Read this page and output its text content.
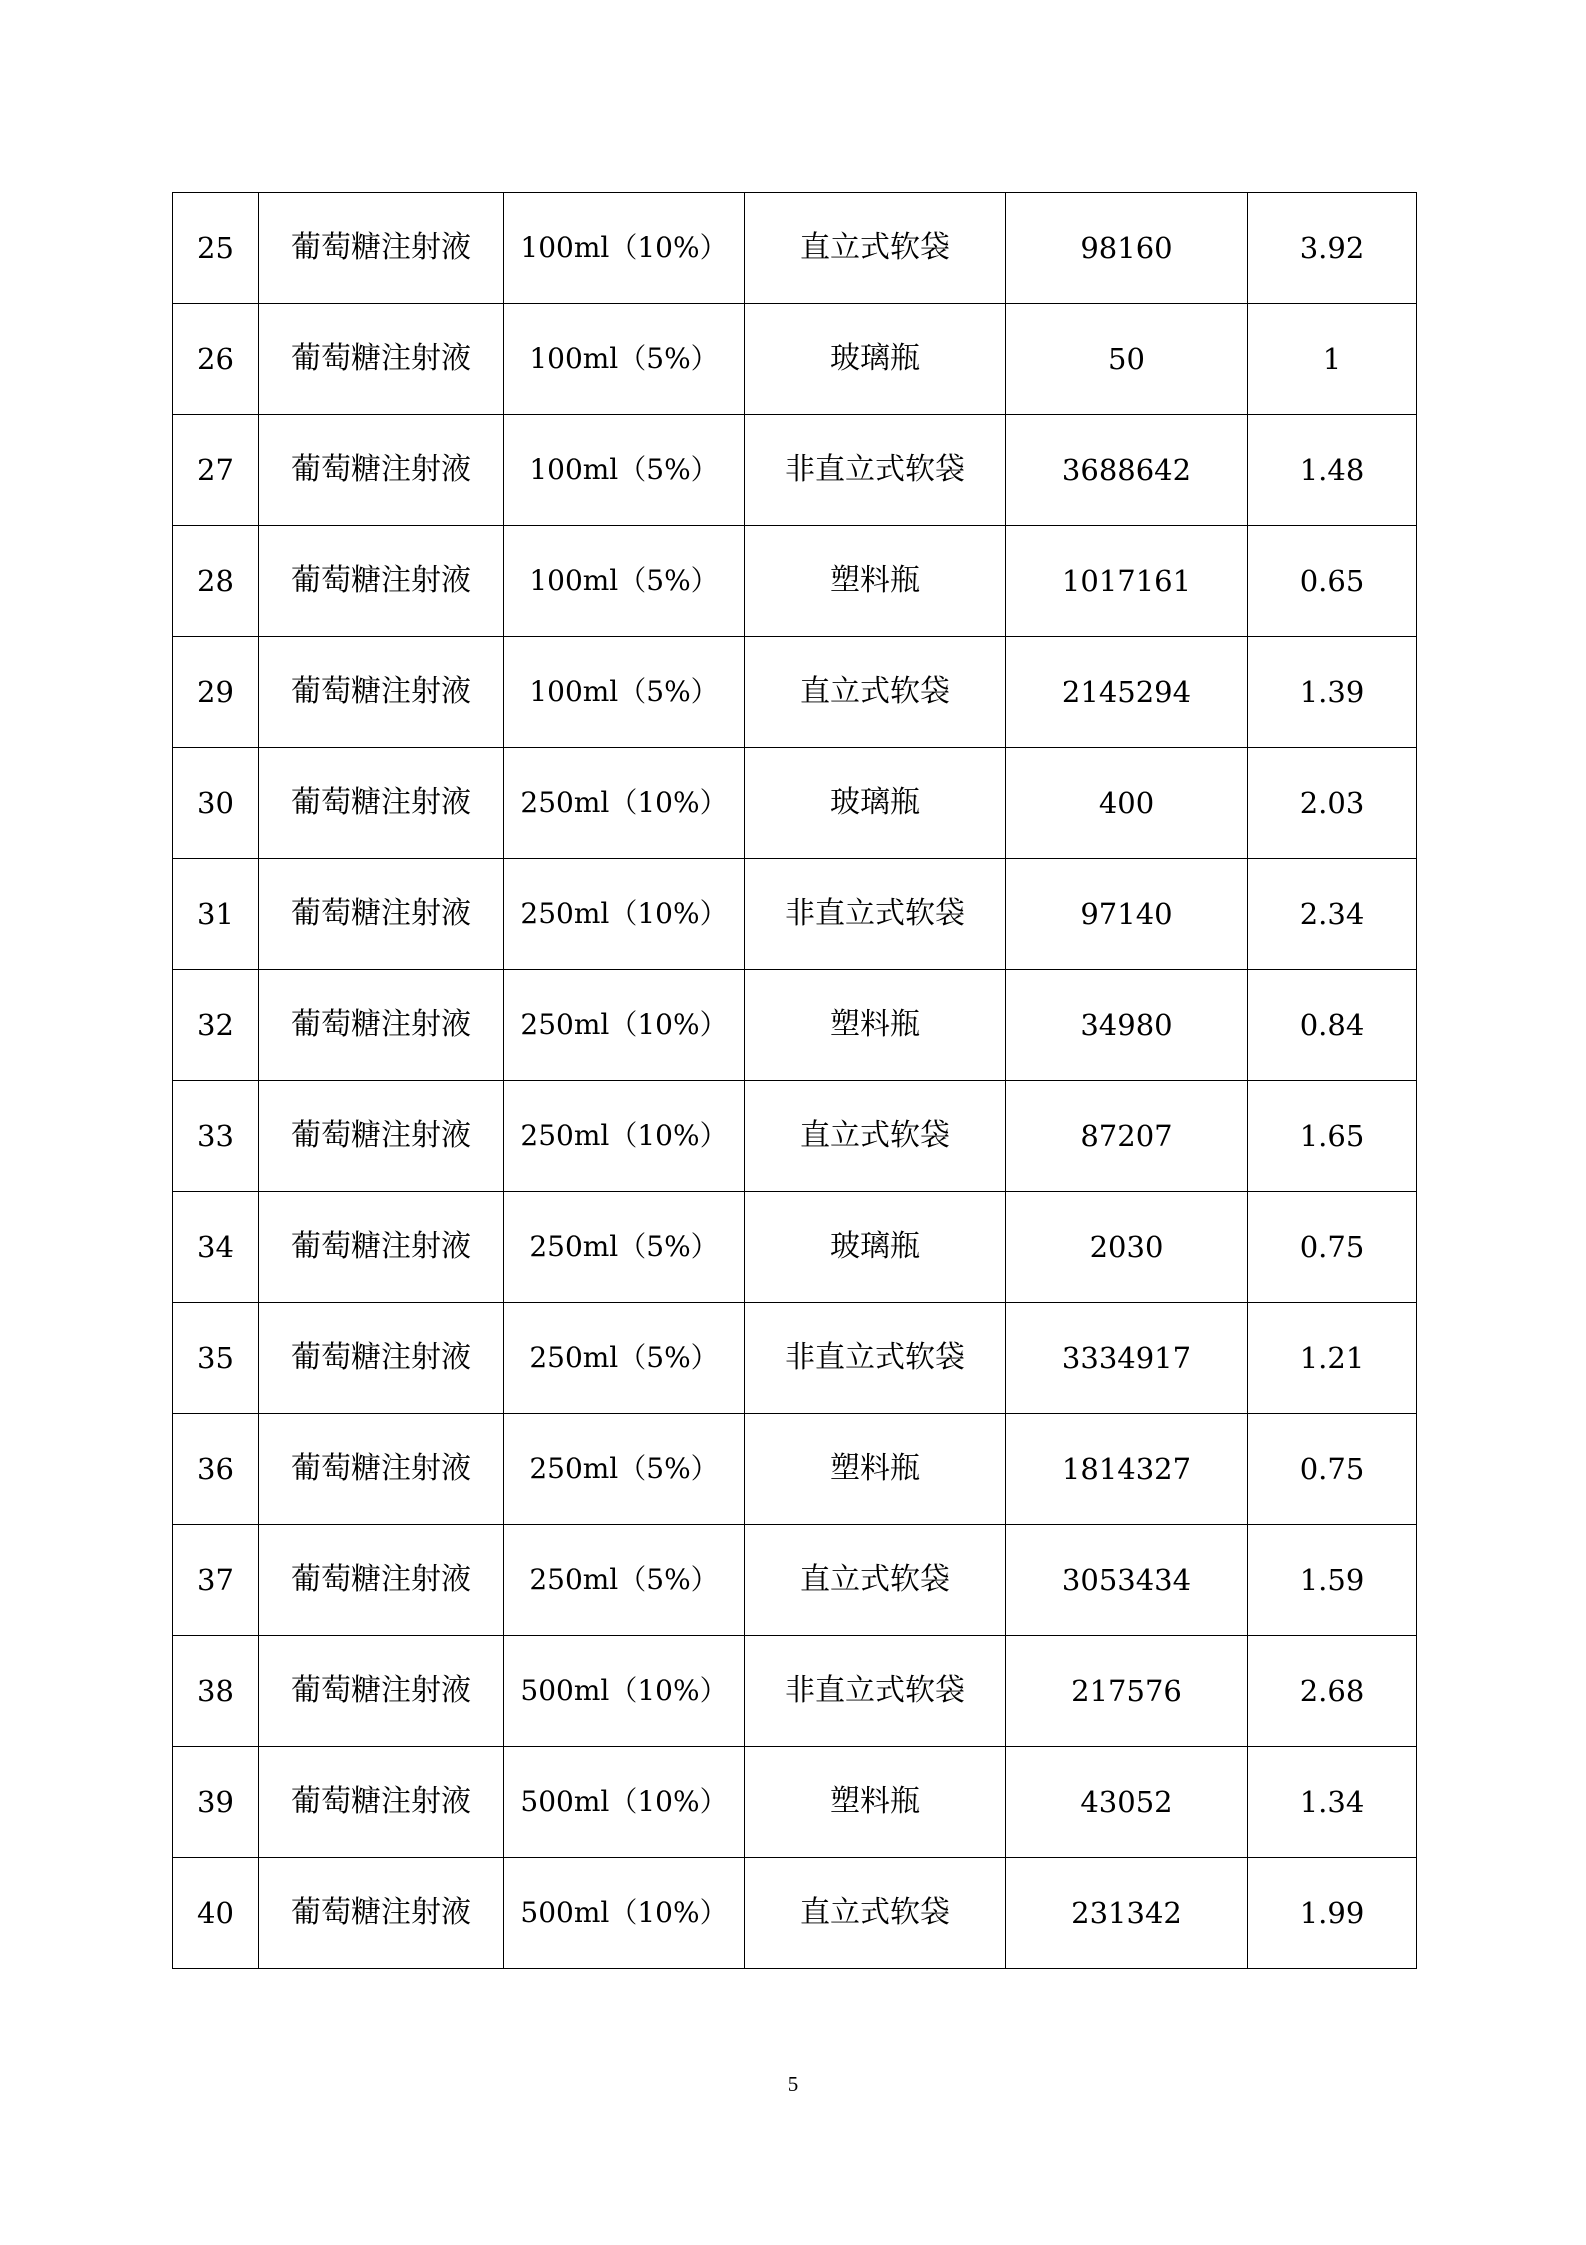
25	葡萄糖注射液	100ml（10%）	直立式软袋	98160	3.92
26	葡萄糖注射液	100ml（5%）	玻璃瓶	50	1
27	葡萄糖注射液	100ml（5%）	非直立式软袋	3688642	1.48
28	葡萄糖注射液	100ml（5%）	塑料瓶	1017161	0.65
29	葡萄糖注射液	100ml（5%）	直立式软袋	2145294	1.39
30	葡萄糖注射液	250ml（10%）	玻璃瓶	400	2.03
31	葡萄糖注射液	250ml（10%）	非直立式软袋	97140	2.34
32	葡萄糖注射液	250ml（10%）	塑料瓶	34980	0.84
33	葡萄糖注射液	250ml（10%）	直立式软袋	87207	1.65
34	葡萄糖注射液	250ml（5%）	玻璃瓶	2030	0.75
35	葡萄糖注射液	250ml（5%）	非直立式软袋	3334917	1.21
36	葡萄糖注射液	250ml（5%）	塑料瓶	1814327	0.75
37	葡萄糖注射液	250ml（5%）	直立式软袋	3053434	1.59
38	葡萄糖注射液	500ml（10%）	非直立式软袋	217576	2.68
39	葡萄糖注射液	500ml（10%）	塑料瓶	43052	1.34
40	葡萄糖注射液	500ml（10%）	直立式软袋	231342	1.99
5
